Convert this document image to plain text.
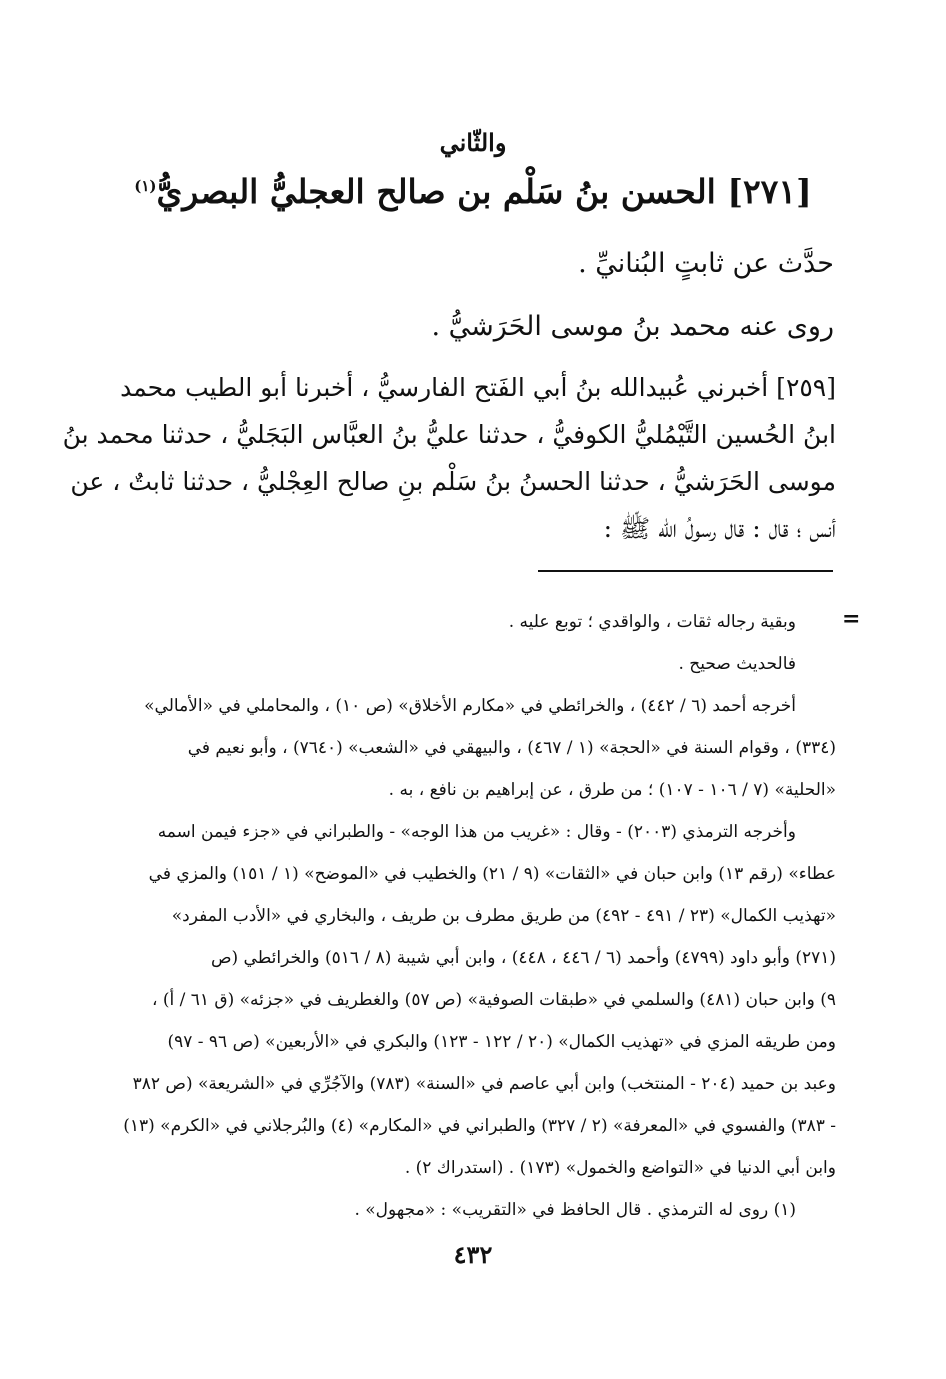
والثّاني
[٢٧١] الحسن بنُ سَلْم بن صالح العجليُّ البصريُّ$^{(١)}$
حدَّث عن ثابتٍ البُنانيِّ .
روى عنه محمد بنُ موسى الحَرَشيُّ .
[٢٥٩] أخبرني عُبيدالله بنُ أبي الفَتح الفارسيُّ ، أخبرنا أبو الطيب محمد
ابنُ الحُسين التَّيْمُليُّ الكوفيُّ ، حدثنا عليُّ بنُ العبَّاس البَجَليُّ ، حدثنا محمد بنُ
موسى الحَرَشيُّ ، حدثنا الحسنُ بنُ سَلْم بنِ صالح العِجْليُّ ، حدثنا ثابتٌ ، عن
أنس ؛ قال : قال رسولُ الله ﷺ :
=
وبقية رجاله ثقات ، والواقدي ؛ توبع عليه .
فالحديث صحيح .
أخرجه أحمد (٦ / ٤٤٢) ، والخرائطي في «مكارم الأخلاق» (ص ١٠) ، والمحاملي في «الأمالي»
(٣٣٤) ، وقوام السنة في «الحجة» (١ / ٤٦٧) ، والبيهقي في «الشعب» (٧٦٤٠) ، وأبو نعيم في
«الحلية» (٧ / ١٠٦ - ١٠٧) ؛ من طرق ، عن إبراهيم بن نافع ، به .
وأخرجه الترمذي (٢٠٠٣) - وقال : «غريب من هذا الوجه» - والطبراني في «جزء فيمن اسمه
عطاء» (رقم ١٣) وابن حبان في «الثقات» (٩ / ٢١) والخطيب في «الموضح» (١ / ١٥١) والمزي في
«تهذيب الكمال» (٢٣ / ٤٩١ - ٤٩٢) من طريق مطرف بن طريف ، والبخاري في «الأدب المفرد»
(٢٧١) وأبو داود (٤٧٩٩) وأحمد (٦ / ٤٤٦ ، ٤٤٨) ، وابن أبي شيبة (٨ / ٥١٦) والخرائطي (ص
٩) وابن حبان (٤٨١) والسلمي في «طبقات الصوفية» (ص ٥٧) والغطريف في «جزئه» (ق ٦١ / أ) ،
ومن طريقه المزي في «تهذيب الكمال» (٢٠ / ١٢٢ - ١٢٣) والبكري في «الأربعين» (ص ٩٦ - ٩٧)
وعبد بن حميد (٢٠٤ - المنتخب) وابن أبي عاصم في «السنة» (٧٨٣) والآجُرِّي في «الشريعة» (ص ٣٨٢
- ٣٨٣) والفسوي في «المعرفة» (٢ / ٣٢٧) والطبراني في «المكارم» (٤) والبُرجلاني في «الكرم» (١٣)
وابن أبي الدنيا في «التواضع والخمول» (١٧٣) . (استدراك ٢) .
(١) روى له الترمذي . قال الحافظ في «التقريب» : «مجهول» .
٤٣٢
